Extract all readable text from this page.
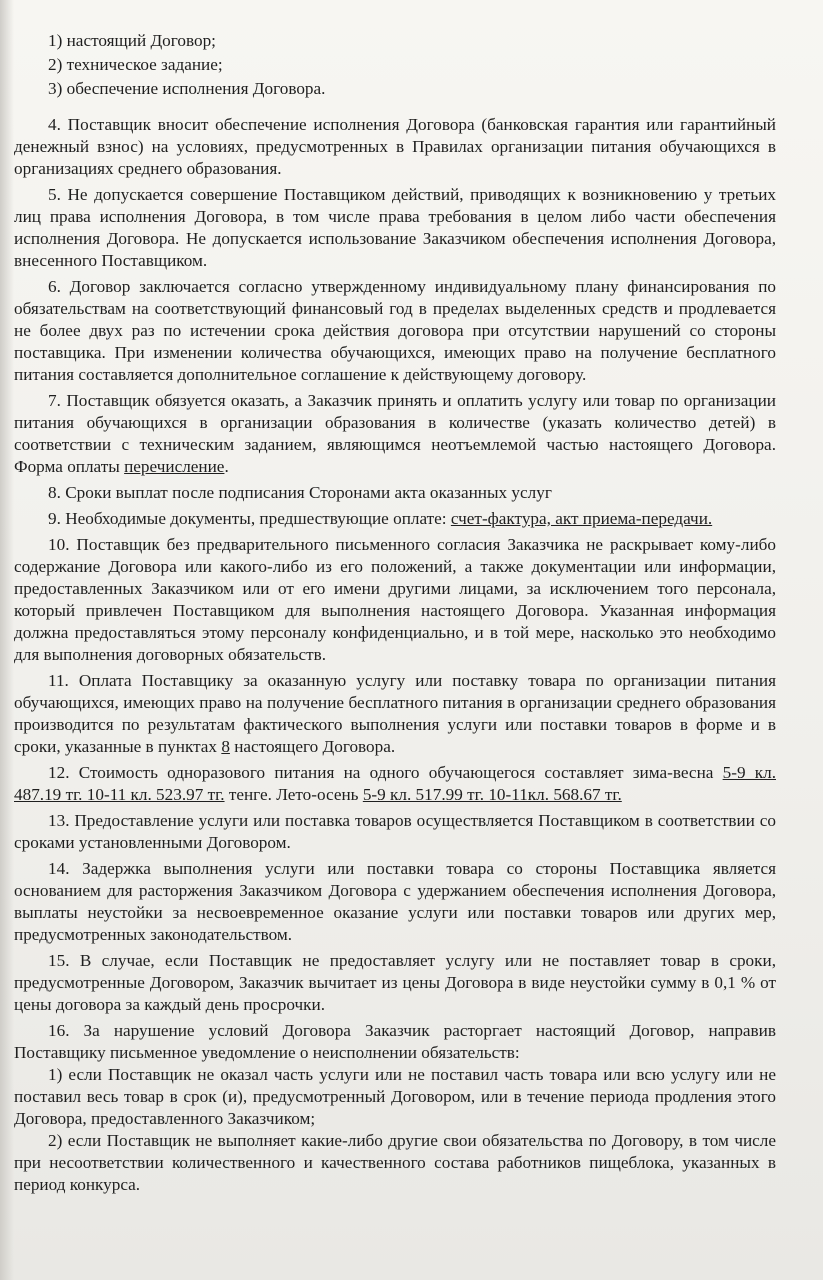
1) настоящий Договор;
2) техническое задание;
3) обеспечение исполнения Договора.

4. Поставщик вносит обеспечение исполнения Договора (банковская гарантия или гарантийный денежный взнос) на условиях, предусмотренных в Правилах организации питания обучающихся в организациях среднего образования.

5. Не допускается совершение Поставщиком действий, приводящих к возникновению у третьих лиц права исполнения Договора, в том числе права требования в целом либо части обеспечения исполнения Договора. Не допускается использование Заказчиком обеспечения исполнения Договора, внесенного Поставщиком.

6. Договор заключается согласно утвержденному индивидуальному плану финансирования по обязательствам на соответствующий финансовый год в пределах выделенных средств и продлевается не более двух раз по истечении срока действия договора при отсутствии нарушений со стороны поставщика. При изменении количества обучающихся, имеющих право на получение бесплатного питания составляется дополнительное соглашение к действующему договору.

7. Поставщик обязуется оказать, а Заказчик принять и оплатить услугу или товар по организации питания обучающихся в организации образования в количестве (указать количество детей) в соответствии с техническим заданием, являющимся неотъемлемой частью настоящего Договора. Форма оплаты перечисление.

8. Сроки выплат после подписания Сторонами акта оказанных услуг

9. Необходимые документы, предшествующие оплате: счет-фактура, акт приема-передачи.

10. Поставщик без предварительного письменного согласия Заказчика не раскрывает кому-либо содержание Договора или какого-либо из его положений, а также документации или информации, предоставленных Заказчиком или от его имени другими лицами, за исключением того персонала, который привлечен Поставщиком для выполнения настоящего Договора. Указанная информация должна предоставляться этому персоналу конфиденциально, и в той мере, насколько это необходимо для выполнения договорных обязательств.

11. Оплата Поставщику за оказанную услугу или поставку товара по организации питания обучающихся, имеющих право на получение бесплатного питания в организации среднего образования производится по результатам фактического выполнения услуги или поставки товаров в форме и в сроки, указанные в пунктах 8 настоящего Договора.

12. Стоимость одноразового питания на одного обучающегося составляет зима-весна 5-9 кл. 487.19 тг. 10-11 кл. 523.97 тг. тенге. Лето-осень 5-9 кл. 517.99 тг. 10-11кл. 568.67 тг.

13. Предоставление услуги или поставка товаров осуществляется Поставщиком в соответствии со сроками установленными Договором.

14. Задержка выполнения услуги или поставки товара со стороны Поставщика является основанием для расторжения Заказчиком Договора с удержанием обеспечения исполнения Договора, выплаты неустойки за несвоевременное оказание услуги или поставки товаров или других мер, предусмотренных законодательством.

15. В случае, если Поставщик не предоставляет услугу или не поставляет товар в сроки, предусмотренные Договором, Заказчик вычитает из цены Договора в виде неустойки сумму в 0,1 % от цены договора за каждый день просрочки.

16. За нарушение условий Договора Заказчик расторгает настоящий Договор, направив Поставщику письменное уведомление о неисполнении обязательств:

1) если Поставщик не оказал часть услуги или не поставил часть товара или всю услугу или не поставил весь товар в срок (и), предусмотренный Договором, или в течение периода продления этого Договора, предоставленного Заказчиком;

2) если Поставщик не выполняет какие-либо другие свои обязательства по Договору, в том числе при несоответствии количественного и качественного состава работников пищеблока, указанных в период конкурса.
